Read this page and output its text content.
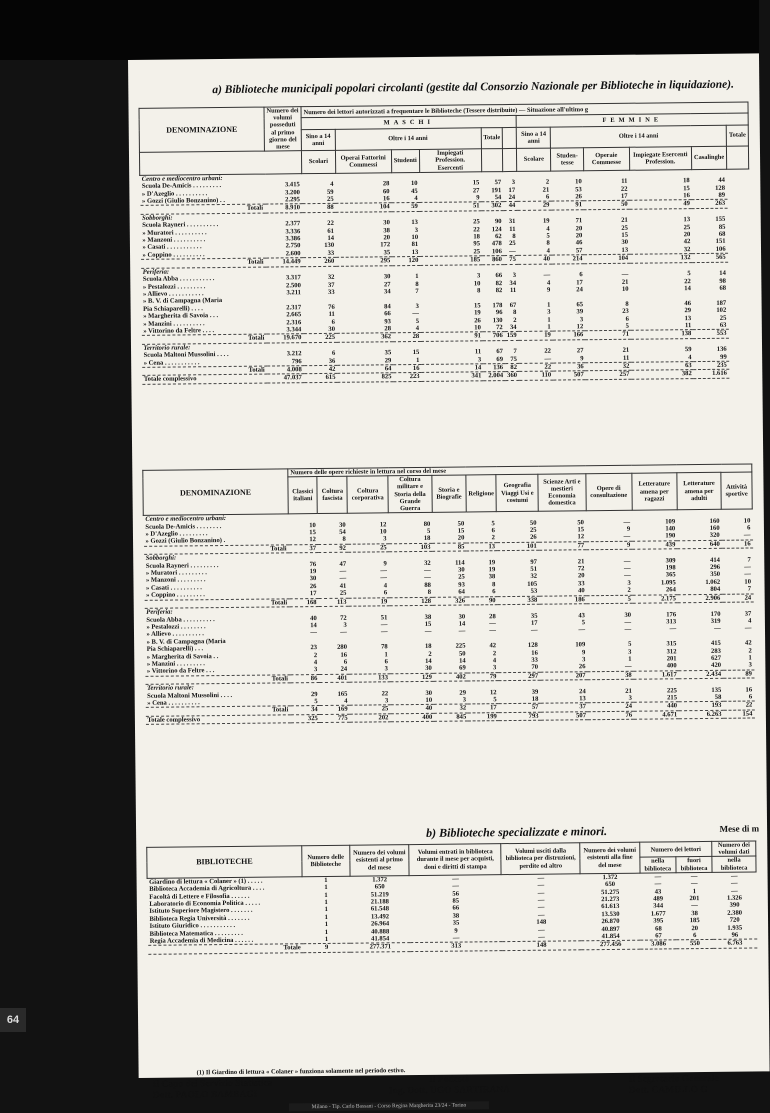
a) Biblioteche municipali popolari circolanti (gestite dal Consorzio Nazionale per Biblioteche in liquidazione).
DENOMINAZIONE	Numero dei volumi posseduti al primo giorno del mese	Numero dei lettori autorizzati a frequentare le Biblioteche (Tessere distribuite) — Situazione all'ultimo g											
		MASCHI						FEMMINE					
		Sino a 14 anni	Oltre i 14 anni			Totale		Sino a 14 anni	Oltre i 14 anni				Totale
		Scolari	Operai Fattorini Commessi	Studenti	Impiegati Profession. Esercenti			Scolare	Studen-tesse	Operaie Commesse	Impiegate Esercenti Profession.	Casalinghe	
Centro e mediocentro urbani:													
Scuola De-Amicis . . . . . . . . .	3.415	4	28	10	15	57	3	2	10	11	18	44	
» D'Azeglio . . . . . . . . . .	3.200	59	60	45	27	191	17	21	53	22	15	128	
» Gozzi (Giulio Bonzanino) . .	2.295	25	16	4	9	54	24	6	26	17	16	89	
Totali	8.910	88	104	59	51	302	44	29	91	50	49	263	
Sobborghi:													
Scuola Rayneri . . . . . . . . . .	2.377	22	30	13	25	90	31	19	71	21	13	155	
» Muratori . . . . . . . . . .	3.336	61	38	3	22	124	11	4	20	25	25	85	
» Manzoni . . . . . . . . . .	3.386	14	20	10	18	62	8	5	20	15	20	68	
» Casati . . . . . . . . . . .	2.750	130	172	81	95	478	25	8	46	30	42	151	
» Coppino . . . . . . . . . .	2.600	33	35	13	25	106	—	4	57	13	32	106	
Totali	14.449	260	295	120	185	860	75	40	214	104	132	565	
Periferia:													
Scuola Abba . . . . . . . . . . .	3.317	32	30	1	3	66	3	—	6	—	5	14	
» Pestalozzi . . . . . . . . .	2.500	37	27	8	10	82	34	4	17	21	22	98	
» Allievo . . . . . . . . . . .	3.211	33	34	7	8	82	11	9	24	10	14	68	
» B. V. di Campagna (Maria													
Pia Schiaparelli) . . . .	2.317	76	84	3	15	178	67	1	65	8	46	187	
» Margherita di Savoia . . .	2.665	11	66	—	19	96	8	3	39	23	29	102	
» Manzini . . . . . . . . . .	2.316	6	93	5	26	130	2	1	3	6	13	25	
» Vittorino da Feltre . . . .	3.344	30	28	4	10	72	34	1	12	5	11	63	
Totali	19.670	225	362	28	91	706	159	19	166	71	138	553	
Territorio rurale:													
Scuola Maltoni Mussolini . . . .	3.212	6	35	15	11	67	7	22	27	21	59	136	
» Cena . . . . . . . . . . .	796	36	29	1	3	69	75	—	9	11	4	99	
Totali	4.008	42	64	16	14	136	82	22	36	32	63	235	
Totale complessivo	47.037	615	825	223	341	2.004	360	110	507	257	382	1.616	
DENOMINAZIONE	Numero delle opere richieste in lettura nel corso del mese											
	Classici italiani	Coltura fascista	Coltura corporativa	Coltura militare e Storia della Grande Guerra	Storia e Biografie	Religione	Geografia Viaggi Usi e costumi	Scienze Arti e mestieri Economia domestica	Opere di consultazione	Letterature amena per ragazzi	Letterature amena per adulti	Attività sportive
Centro e mediocentro urbani:												
Scuola De-Amicis . . . . . . . .	10	30	12	80	50	5	50	50	—	109	160	10
» D'Azeglio . . . . . . . . .	15	54	10	5	15	6	25	15	9	140	160	6
» Gozzi (Giulio Bonzanino) .	12	8	3	18	20	2	26	12	—	190	320	—
Totali	37	92	25	103	85	13	101	77	9	439	640	16
Sobborghi:												
Scuola Rayneri . . . . . . . . .	76	47	9	32	114	19	97	21	—	309	414	7
» Muratori . . . . . . . . .	19	—	—	—	30	19	51	72	—	198	296	—
» Manzoni . . . . . . . . .	30	—	—	—	25	38	32	20	—	365	350	—
» Casati . . . . . . . . . .	26	41	4	88	93	8	105	33	3	1.095	1.062	10
» Coppino . . . . . . . . .	17	25	6	8	64	6	53	40	2	264	804	7
Totali	168	113	19	128	326	90	338	186	5	2.175	2.906	24
Periferia:												
Scuola Abba . . . . . . . . . .	40	72	51	38	30	28	35	43	30	176	170	37
» Pestalozzi . . . . . . . .	14	3	—	15	14	—	17	5	—	313	319	4
» Allievo . . . . . . . . . .	—	—	—	—	—	—	—	—	—	—	—	—
» B. V. di Campagna (Maria												
Pia Schiaparelli) . . .	23	280	78	18	225	42	128	109	5	315	415	42
» Margherita di Savoia . .	2	16	1	2	50	2	16	9	3	312	283	2
» Manzini . . . . . . . . .	4	6	6	14	14	4	33	3	1	201	627	1
» Vittorino da Feltre . . .	3	24	3	30	69	3	70	26	—	400	420	3
Totali	86	401	133	129	402	79	297	207	38	1.617	2.434	89
Territorio rurale:												
Scuola Maltoni Mussolini . . . .	29	165	22	30	29	12	39	24	21	225	135	16
» Cena . . . . . . . . . .	5	4	3	10	3	5	18	13	3	215	58	6
Totali	34	169	25	40	32	17	57	37	24	440	193	22
Totale complessivo	325	775	202	400	845	199	793	507	76	4.671	6.263	154
b) Biblioteche specializzate e minori.	Mese di m
BIBLIOTECHE	Numero delle Biblioteche	Numero dei volumi esistenti al primo del mese	Volumi entrati in biblioteca durante il mese per acquisti, doni e diritti di stampa	Volumi usciti dalla biblioteca per distruzioni, perdite od altro	Numero dei volumi esistenti alla fine del mese	Numero dei lettori		Numero dei volumi dati
						nella biblioteca	fuori biblioteca	nella biblioteca
Giardino di lettura « Colaner » (1) . . . . .	1	1.372	—	—	1.372	—	—	—
Biblioteca Accademia di Agricoltura . . . .	1	650	—	—	650	—	—	—
Facoltà di Lettere e Filosofia . . . . . .	1	51.219	56	—	51.275	43	1	—
Laboratorio di Economia Politica . . . . .	1	21.188	85	—	21.273	489	201	1.326
Istituto Superiore Magistero . . . . . . .	1	61.548	66	—	61.613	344	—	390
Biblioteca Regia Università . . . . . . .	1	13.492	38	—	13.530	1.677	38	2.380
Istituto Giuridico . . . . . . . . . . .	1	26.964	35	148	26.870	395	185	720
Biblioteca Matematica . . . . . . . . .	1	40.888	9	—	40.897	68	20	1.935
Regia Accademia di Medicina . . . . . .	1	41.854	—	—	41.854	67	6	96
Totale	9	277.371	313	148	277.456	3.086	550	6.763
(1) Il Giardino di lettura « Colaner » funziona solamente nel periodo estivo.
Il Capo del Servizio Statistica
Dott. PAOLO BAMBAGI
Il Podestà
Ing. Dott. UGO SARTIRANA
Il Segretario Generale
Dott. CAMILLO G
Milano - Tip. Carlo Bassani - Corso Regina Margherita 23/24 - Torino
64
